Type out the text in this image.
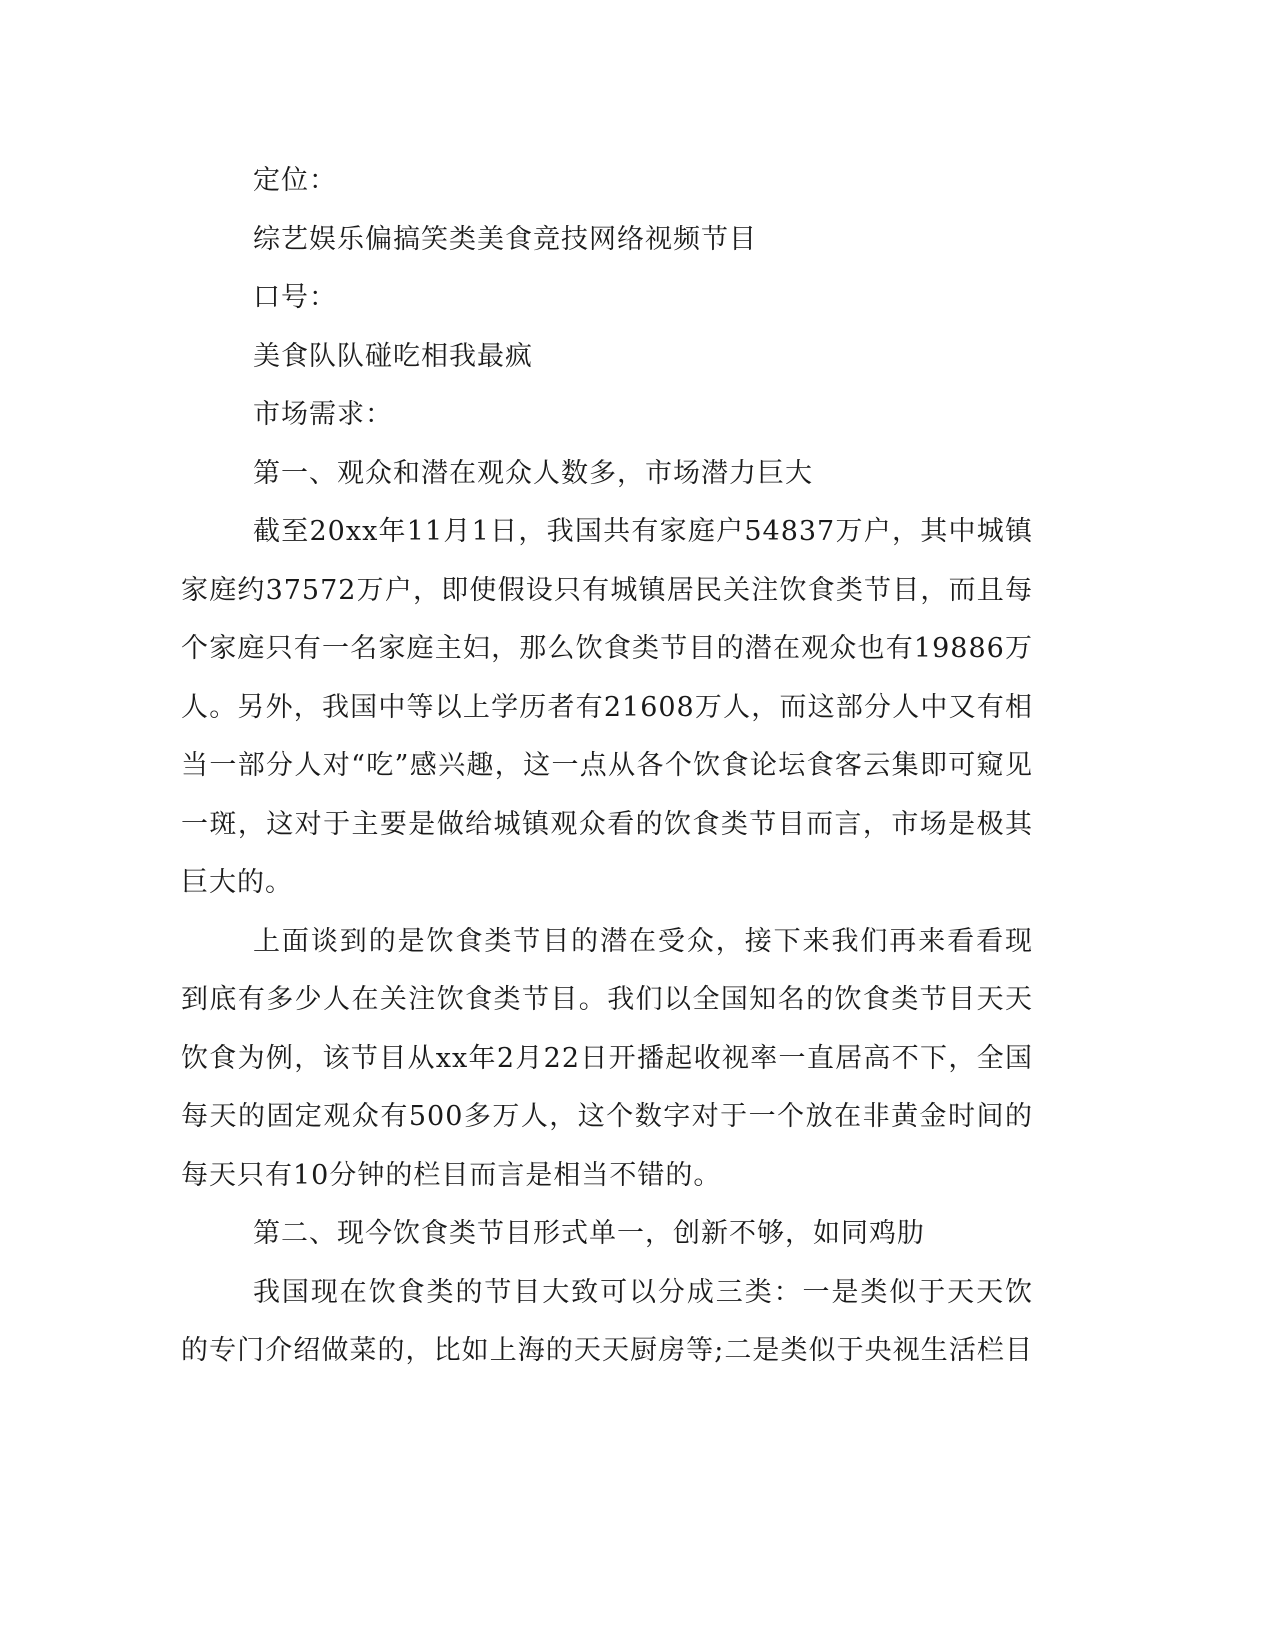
定位：
综艺娱乐偏搞笑类美食竞技网络视频节目
口号：
美食队队碰吃相我最疯
市场需求：
第一、观众和潜在观众人数多，市场潜力巨大
截至20xx年11月1日，我国共有家庭户54837万户，其中城镇
家庭约37572万户，即使假设只有城镇居民关注饮食类节目，而且每
个家庭只有一名家庭主妇，那么饮食类节目的潜在观众也有19886万
人。另外，我国中等以上学历者有21608万人，而这部分人中又有相
当一部分人对“吃”感兴趣，这一点从各个饮食论坛食客云集即可窥见
一斑，这对于主要是做给城镇观众看的饮食类节目而言，市场是极其
巨大的。
上面谈到的是饮食类节目的潜在受众，接下来我们再来看看现
到底有多少人在关注饮食类节目。我们以全国知名的饮食类节目天天
饮食为例，该节目从xx年2月22日开播起收视率一直居高不下，全国
每天的固定观众有500多万人，这个数字对于一个放在非黄金时间的
每天只有10分钟的栏目而言是相当不错的。
第二、现今饮食类节目形式单一，创新不够，如同鸡肋
我国现在饮食类的节目大致可以分成三类：一是类似于天天饮
的专门介绍做菜的，比如上海的天天厨房等;二是类似于央视生活栏目
